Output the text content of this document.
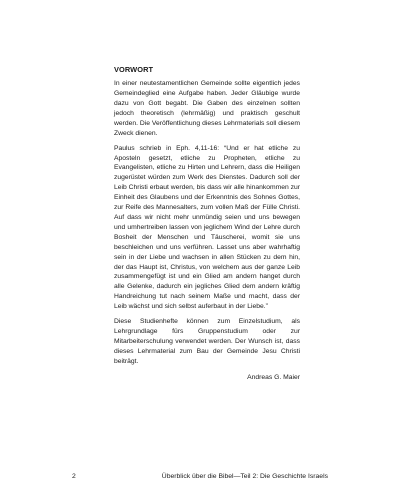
VORWORT

In einer neutestamentlichen Gemeinde sollte eigentlich jedes Gemeindeglied eine Aufgabe haben. Jeder Gläubige wurde dazu von Gott begabt. Die Gaben des einzelnen sollten jedoch theoretisch (lehrmäßig) und praktisch geschult werden. Die Veröffentlichung dieses Lehrmaterials soll diesem Zweck dienen.

Paulus schrieb in Eph. 4,11-16: “Und er hat etliche zu Aposteln gesetzt, etliche zu Propheten, etliche zu Evangelisten, etliche zu Hirten und Lehrern, dass die Heiligen zugerüstet würden zum Werk des Dienstes. Dadurch soll der Leib Christi erbaut werden, bis dass wir alle hinankommen zur Einheit des Glaubens und der Erkenntnis des Sohnes Gottes, zur Reife des Mannesalters, zum vollen Maß der Fülle Christi. Auf dass wir nicht mehr unmündig seien und uns bewegen und umhertreiben lassen von jeglichem Wind der Lehre durch Bosheit der Menschen und Täuscherei, womit sie uns beschleichen und uns verführen. Lasset uns aber wahrhaftig sein in der Liebe und wachsen in allen Stücken zu dem hin, der das Haupt ist, Christus, von welchem aus der ganze Leib zusammengefügt ist und ein Glied am andern hanget durch alle Gelenke, dadurch ein jegliches Glied dem andern kräftig Handreichung tut nach seinem Maße und macht, dass der Leib wächst und sich selbst auferbaut in der Liebe.”

Diese Studienhefte können zum Einzelstudium, als Lehrgrundlage fürs Gruppenstudium oder zur Mitarbeiterschulung verwendet werden. Der Wunsch ist, dass dieses Lehrmaterial zum Bau der Gemeinde Jesu Christi beiträgt.

Andreas G. Maier
2	Überblick über die Bibel—Teil 2: Die Geschichte Israels
